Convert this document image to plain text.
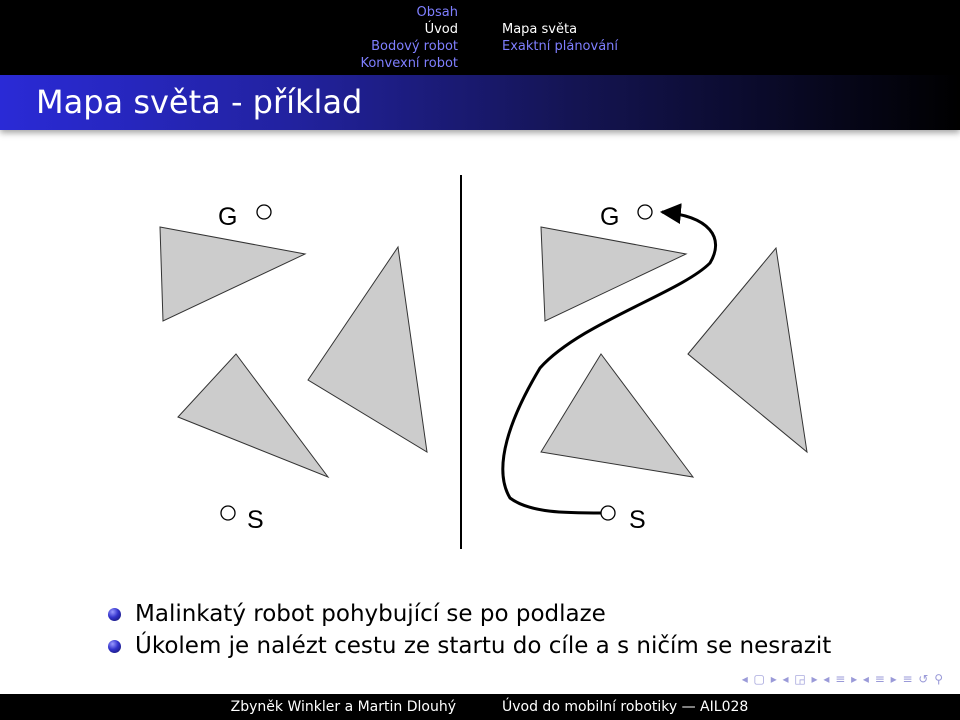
Obsah
Úvod
Bodový robot
Konvexní robot
Mapa světa
Exaktní plánování
Mapa světa - příklad
G
S
G
S
Malinkatý robot pohybující se po podlaze
Úkolem je nalézt cestu ze startu do cíle a s ničím se nesrazit
◂ ▢ ▸ ◂ ◲ ▸ ◂ ≡ ▸ ◂ ≡ ▸ ≡ ↺ ⚲
Zbyněk Winkler a Martin Dlouhý	Úvod do mobilní robotiky — AIL028
